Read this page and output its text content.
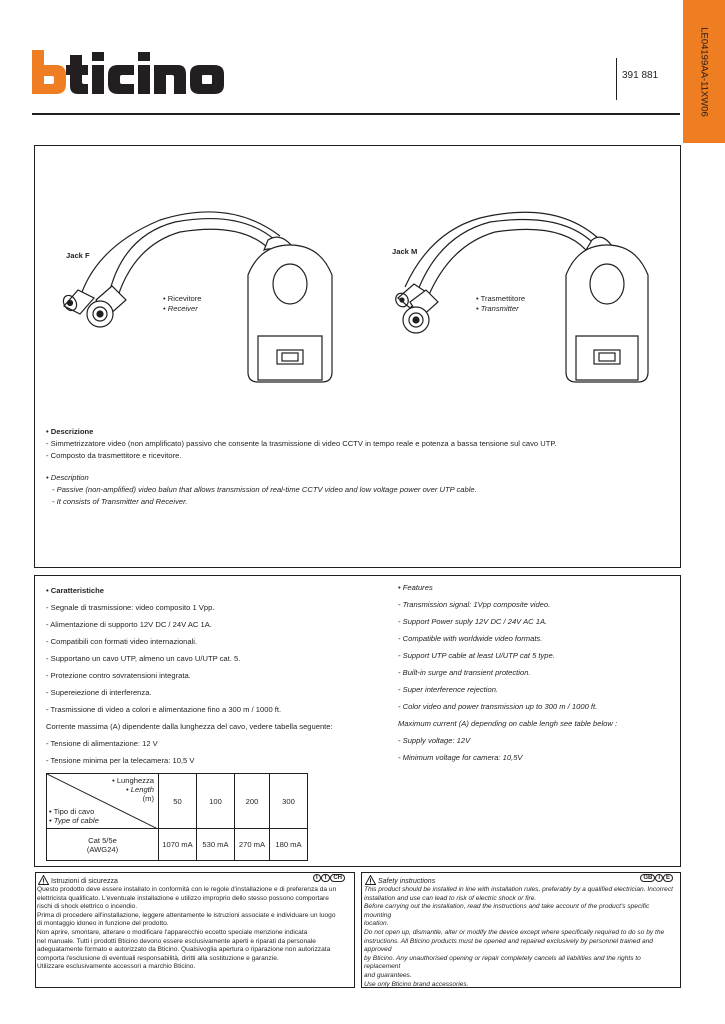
391 881	LE04199AA-11XW06
Jack F
• Ricevitore
• Receiver
Jack M
• Trasmettitore
• Transmitter
• Descrizione
- Simmetrizzatore video (non amplificato) passivo che consente la trasmissione di video CCTV in tempo reale e potenza a bassa tensione sul cavo UTP.
- Composto da trasmettitore e ricevitore.
• Description
- Passive (non-amplified) video balun that allows transmission of real-time CCTV video and low voltage power over UTP cable.
- It consists of Transmitter and Receiver.
• Caratteristiche
- Segnale di trasmissione: video composito 1 Vpp.
- Alimentazione di supporto 12V DC / 24V AC 1A.
- Compatibili con formati video internazionali.
- Supportano un cavo UTP, almeno un cavo U/UTP cat. 5.
- Protezione contro sovratensioni integrata.
- Supereiezione di interferenza.
- Trasmissione di video a colori e alimentazione fino a 300 m / 1000 ft.
Corrente massima (A) dipendente dalla lunghezza del cavo, vedere tabella seguente:
- Tensione di alimentazione: 12 V
- Tensione minima per la telecamera: 10,5 V
• Features
- Transmission signal: 1Vpp composite video.
- Support Power suply 12V DC / 24V AC 1A.
- Compatible with worldwide video formats.
- Support UTP cable at least U/UTP cat 5 type.
- Built-in surge and transient protection.
- Super interference rejection.
- Color video and power transmission up to 300 m / 1000 ft.
Maximum current (A) depending on cable lengh see table below :
- Supply voltage: 12V
- Minimum voltage for camera: 10,5V
• Lunghezza
• Length
(m)
• Tipo di cavo
• Type of cable	50	100	200	300

Cat 5/5e
(AWG24)	1070 mA	530 mA	270 mA	180 mA
Istruzioni di sicurezza	I T CH
Questo prodotto deve essere installato in conformità con le regole d'installazione e di preferenza da un
elettricista qualificato. L'eventuale installazione e utilizzo improprio dello stesso possono comportare
rischi di shock elettrico o incendio.
Prima di procedere all'installazione, leggere attentamente le istruzioni associate e individuare un luogo
di montaggio idoneo in funzione del prodotto.
Non aprire, smontare, alterare o modificare l'apparecchio eccetto speciale menzione indicata
nel manuale. Tutti i prodotti Bticino devono essere esclusivamente aperti e riparati da personale
adeguatamente formato e autorizzato da Bticino. Qualsivoglia apertura o riparazione non autorizzata
comporta l'esclusione di eventuali responsabilità, diritti alla sostituzione e garanzie.
Utilizzare esclusivamente accessori a marchio Bticino.
Safety instructions	GB I E
This product should be installed in line with installation rules, preferably by a qualified electrician. Incorrect
installation and use can lead to risk of electric shock or fire.
Before carrying out the installation, read the instructions and take account of the product's specific mounting
location.
Do not open up, dismantle, alter or modify the device except where specifically required to do so by the
instructions. All Bticino products must be opened and repaired exclusively by personnel trained and approved
by Bticino. Any unauthorised opening or repair completely cancels all liabilities and the rights to replacement
and guarantees.
Use only Bticino brand accessories.
